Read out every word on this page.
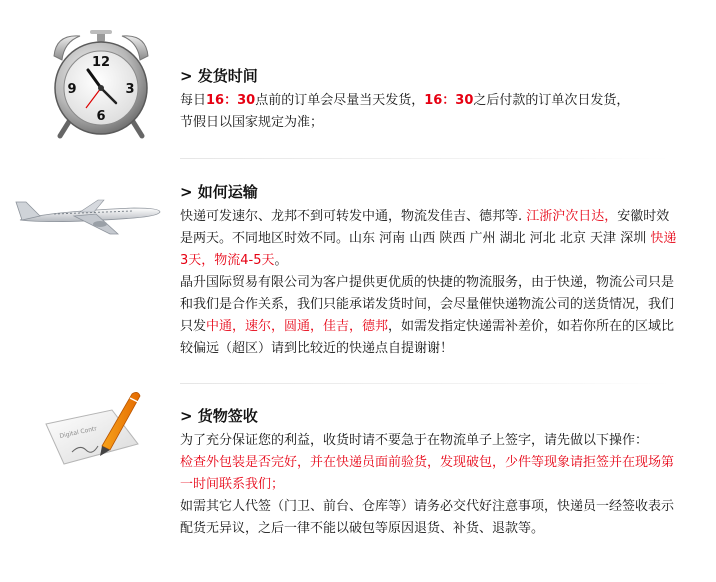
12
3
6
9

> 发货时间

每日16：30点前的订单会尽量当天发货，16：30之后付款的订单次日发货，

节假日以国家规定为准；

> 如何运输

快递可发速尔、龙邦不到可转发中通，物流发佳吉、德邦等. 江浙沪次日达，安徽时效是两天。不同地区时效不同。山东 河南 山西 陕西 广州 湖北 河北 北京 天津 深圳 快递3天，物流4-5天。

晶升国际贸易有限公司为客户提供更优质的快捷的物流服务，由于快递，物流公司只是和我们是合作关系，我们只能承诺发货时间，会尽量催快递物流公司的送货情况，我们只发中通，速尔，圆通，佳吉，德邦，如需发指定快递需补差价，如若你所在的区域比较偏远（超区）请到比较近的快递点自提谢谢！

Digital Contr

> 货物签收

为了充分保证您的利益，收货时请不要急于在物流单子上签字，请先做以下操作：

检查外包装是否完好，并在快递员面前验货，发现破包，少件等现象请拒签并在现场第一时间联系我们；

如需其它人代签（门卫、前台、仓库等）请务必交代好注意事项，快递员一经签收表示配货无异议，之后一律不能以破包等原因退货、补货、退款等。
